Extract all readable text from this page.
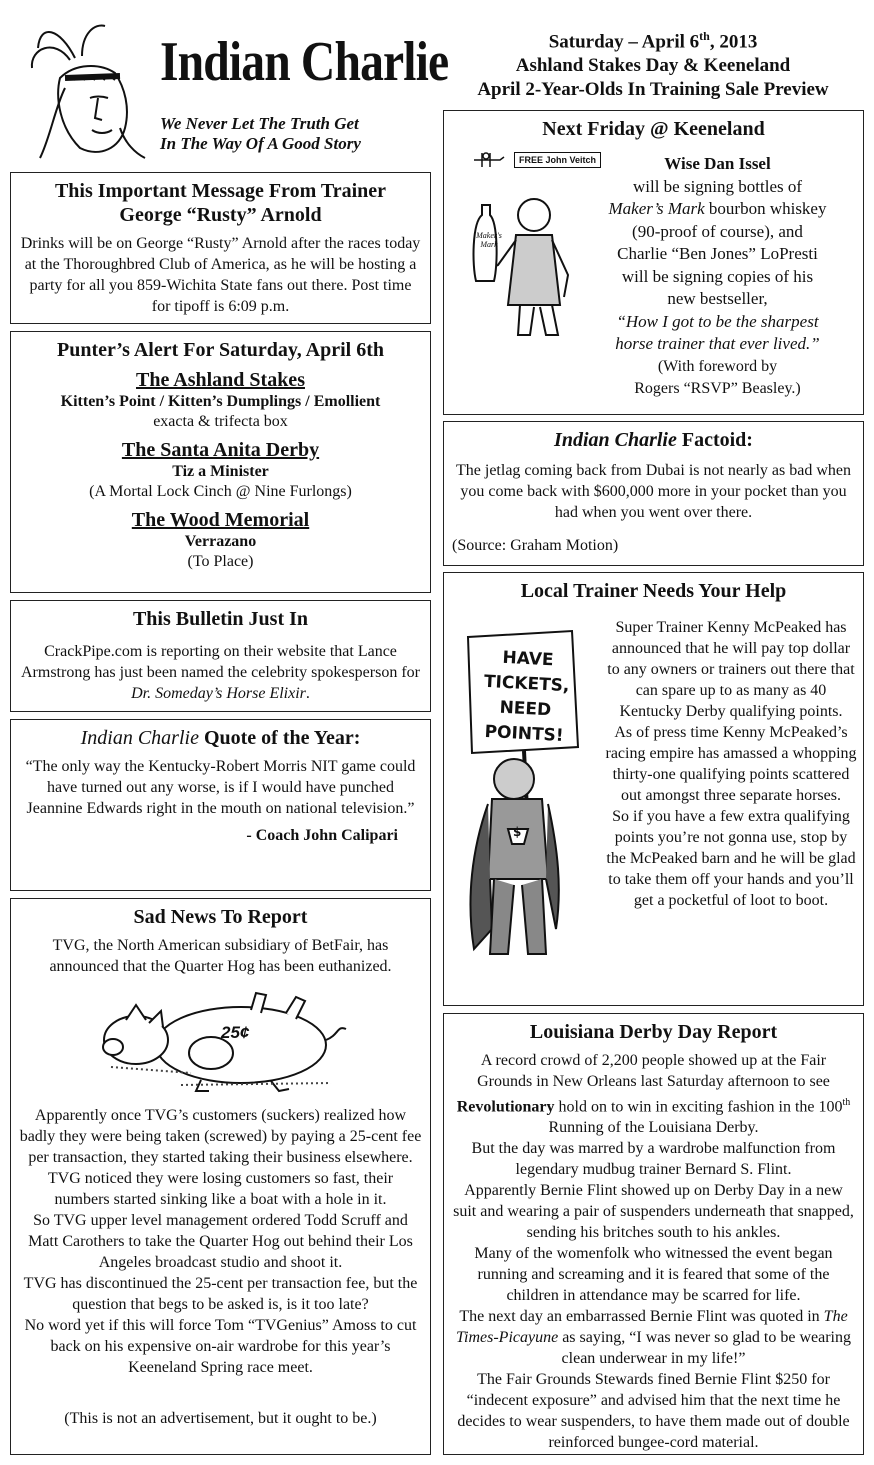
Indian Charlie
We Never Let The Truth Get
In The Way Of A Good Story
Saturday – April 6th, 2013
Ashland Stakes Day & Keeneland
April 2-Year-Olds In Training Sale Preview
This Important Message From Trainer
George “Rusty” Arnold

Drinks will be on George “Rusty” Arnold after the races today at the Thoroughbred Club of America, as he will be hosting a party for all you 859-Wichita State fans out there. Post time for tipoff is 6:09 p.m.

Punter’s Alert For Saturday, April 6th
The Ashland Stakes
Kitten’s Point / Kitten’s Dumplings / Emollient
exacta & trifecta box
The Santa Anita Derby
Tiz a Minister
(A Mortal Lock Cinch @ Nine Furlongs)
The Wood Memorial
Verrazano
(To Place)
This Bulletin Just In

CrackPipe.com is reporting on their website that Lance Armstrong has just been named the celebrity spokesperson for Dr. Someday’s Horse Elixir.

Indian Charlie Quote of the Year:

“The only way the Kentucky-Robert Morris NIT game could have turned out any worse, is if I would have punched Jeannine Edwards right in the mouth on national television.”

- Coach John Calipari

Sad News To Report

TVG, the North American subsidiary of BetFair, has announced that the Quarter Hog has been euthanized.

25¢

Apparently once TVG’s customers (suckers) realized how badly they were being taken (screwed) by paying a 25-cent fee per transaction, they started taking their business elsewhere.

TVG noticed they were losing customers so fast, their numbers started sinking like a boat with a hole in it.

So TVG upper level management ordered Todd Scruff and Matt Carothers to take the Quarter Hog out behind their Los Angeles broadcast studio and shoot it.

TVG has discontinued the 25-cent per transaction fee, but the question that begs to be asked is, is it too late?

No word yet if this will force Tom “TVGenius” Amoss to cut back on his expensive on-air wardrobe for this year’s Keeneland Spring race meet.

(This is not an advertisement, but it ought to be.)

Next Friday @ Keeneland
FREE John Veitch
Maker's Mark
Wise Dan Issel
will be signing bottles of
Maker’s Mark bourbon whiskey
(90-proof of course), and
Charlie “Ben Jones” LoPresti
will be signing copies of his
new bestseller,
“How I got to be the sharpest
horse trainer that ever lived.”
(With foreword by
Rogers “RSVP” Beasley.)
Indian Charlie Factoid:

The jetlag coming back from Dubai is not nearly as bad when you come back with $600,000 more in your pocket than you had when you went over there.

(Source: Graham Motion)

Local Trainer Needs Your Help
HAVE
TICKETS,
NEED
POINTS!
$

Super Trainer Kenny McPeaked has announced that he will pay top dollar to any owners or trainers out there that can spare up to as many as 40 Kentucky Derby qualifying points.

As of press time Kenny McPeaked’s racing empire has amassed a whopping thirty-one qualifying points scattered out amongst three separate horses.

So if you have a few extra qualifying points you’re not gonna use, stop by the McPeaked barn and he will be glad to take them off your hands and you’ll get a pocketful of loot to boot.

Louisiana Derby Day Report

A record crowd of 2,200 people showed up at the Fair Grounds in New Orleans last Saturday afternoon to see Revolutionary hold on to win in exciting fashion in the 100th Running of the Louisiana Derby.

But the day was marred by a wardrobe malfunction from legendary mudbug trainer Bernard S. Flint.

Apparently Bernie Flint showed up on Derby Day in a new suit and wearing a pair of suspenders underneath that snapped, sending his britches south to his ankles.

Many of the womenfolk who witnessed the event began running and screaming and it is feared that some of the children in attendance may be scarred for life.

The next day an embarrassed Bernie Flint was quoted in The Times-Picayune as saying, “I was never so glad to be wearing clean underwear in my life!”

The Fair Grounds Stewards fined Bernie Flint $250 for “indecent exposure” and advised him that the next time he decides to wear suspenders, to have them made out of double reinforced bungee-cord material.
